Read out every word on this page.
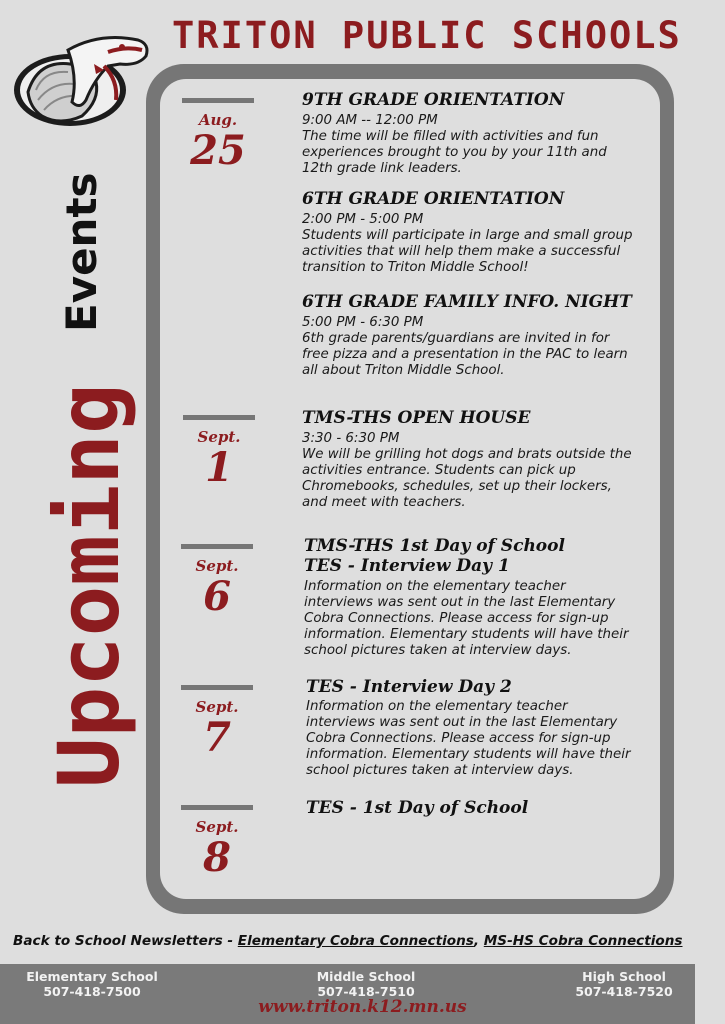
TRITON PUBLIC SCHOOLS
Upcoming
Events
Aug.
25
Sept.
1
Sept.
6
Sept.
7
Sept.
8
9TH GRADE ORIENTATION
9:00 AM -- 12:00 PM
The time will be filled with activities and fun experiences brought to you by your 11th and 12th grade link leaders.
6TH GRADE ORIENTATION
2:00 PM - 5:00 PM
Students will participate in large and small group activities that will help them make a successful transition to Triton Middle School!
6TH GRADE FAMILY INFO. NIGHT
5:00 PM - 6:30 PM
6th grade parents/guardians are invited in for free pizza and a presentation in the PAC to learn all about Triton Middle School.
TMS-THS OPEN HOUSE
3:30 - 6:30 PM
We will be grilling hot dogs and brats outside the activities entrance. Students can pick up Chromebooks, schedules, set up their lockers, and meet with teachers.
TMS-THS 1st Day of School
TES - Interview Day 1
Information on the elementary teacher interviews was sent out in the last Elementary Cobra Connections. Please access for sign-up information. Elementary students will have their school pictures taken at interview days.
TES - Interview Day 2
Information on the elementary teacher interviews was sent out in the last Elementary Cobra Connections. Please access for sign-up information. Elementary students will have their school pictures taken at interview days.
TES - 1st Day of School
Back to School Newsletters - Elementary Cobra Connections, MS-HS Cobra Connections
Elementary School
507-418-7500
Middle School
507-418-7510
High School
507-418-7520
www.triton.k12.mn.us
